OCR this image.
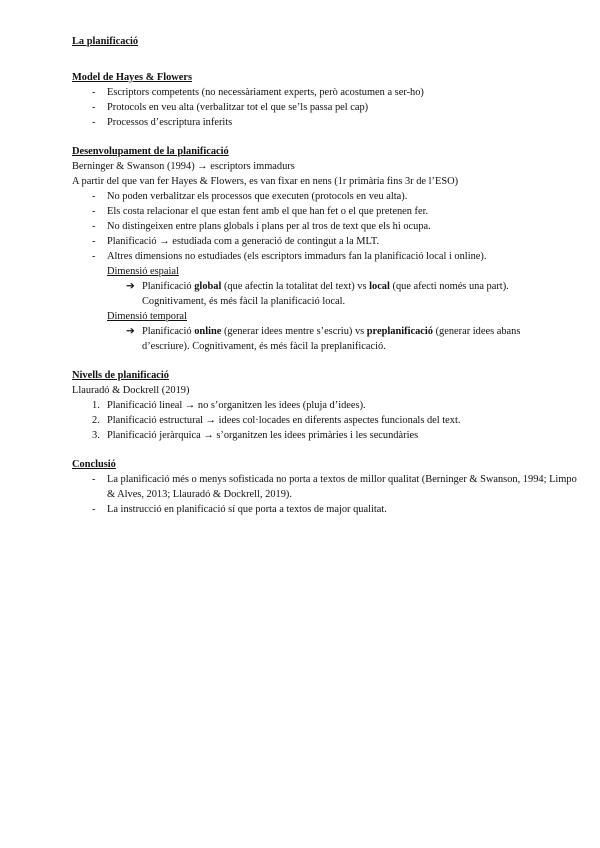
La planificació

Model de Hayes & Flowers

- Escriptors competents (no necessàriament experts, però acostumen a ser-ho)
- Protocols en veu alta (verbalitzar tot el que se’ls passa pel cap)
- Processos d’escriptura inferits

Desenvolupament de la planificació

Berninger & Swanson (1994) → escriptors immadurs

A partir del que van fer Hayes & Flowers, es van fixar en nens (1r primària fins 3r de l’ESO)

- No poden verbalitzar els processos que executen (protocols en veu alta).
- Els costa relacionar el que estan fent amb el que han fet o el que pretenen fer.
- No distingeixen entre plans globals i plans per al tros de text que els hi ocupa.
- Planificació → estudiada com a generació de contingut a la MLT.
- Altres dimensions no estudiades (els escriptors immadurs fan la planificació local i online).

Dimensió espaial

➔ Planificació global (que afectin la totalitat del text) vs local (que afecti només una part). Cognitivament, és més fàcil la planificació local.

Dimensió temporal

➔ Planificació online (generar idees mentre s’escriu) vs preplanificació (generar idees abans d’escriure). Cognitivament, és més fàcil la preplanificació.

Nivells de planificació

Llauradó & Dockrell (2019)

1. Planificació lineal → no s’organitzen les idees (pluja d’idees).
2. Planificació estructural → idees col·locades en diferents aspectes funcionals del text.
3. Planificació jeràrquica → s’organitzen les idees primàries i les secundàries

Conclusió

- La planificació més o menys sofisticada no porta a textos de millor qualitat (Berninger & Swanson, 1994; Limpo & Alves, 2013; Llauradó & Dockrell, 2019).
- La instrucció en planificació sí que porta a textos de major qualitat.
